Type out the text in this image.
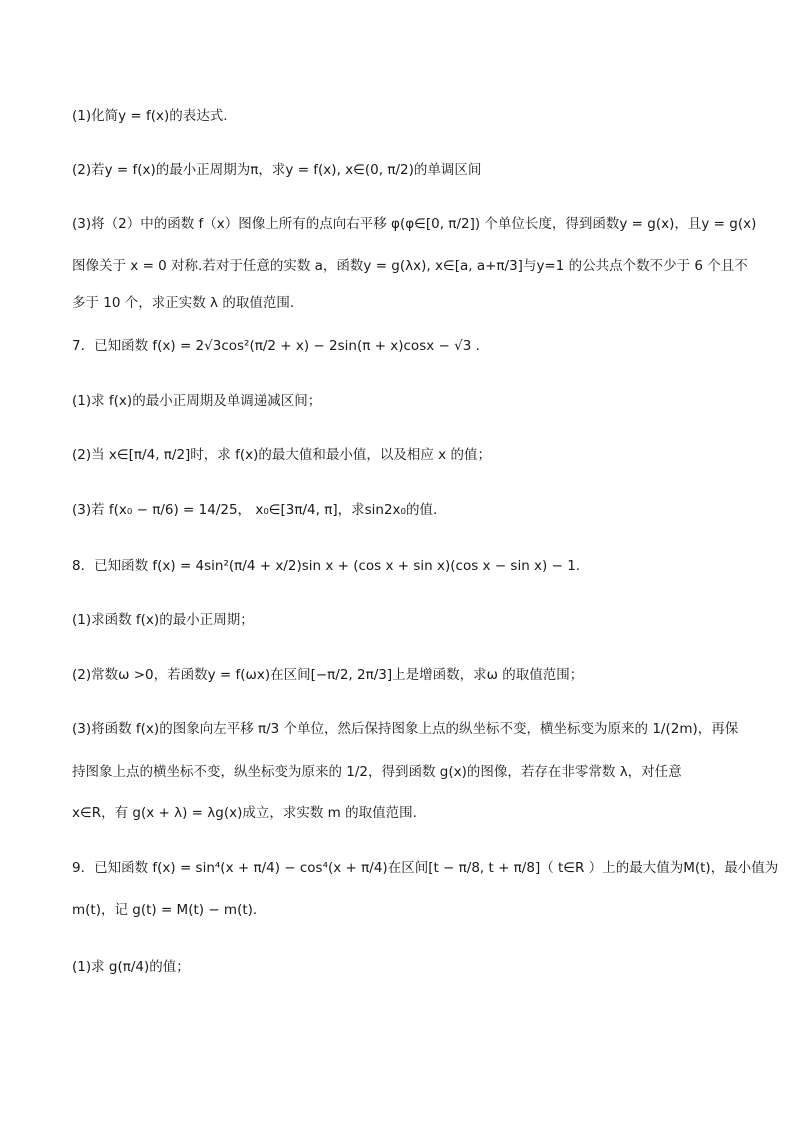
(1)化简y = f(x)的表达式.
(2)若y = f(x)的最小正周期为π，求y = f(x), x∈(0, π/2)的单调区间
(3)将（2）中的函数 f（x）图像上所有的点向右平移 φ(φ∈[0, π/2]) 个单位长度，得到函数y = g(x)，且y = g(x)
图像关于 x = 0 对称.若对于任意的实数 a，函数y = g(λx), x∈[a, a+π/3]与y=1 的公共点个数不少于 6 个且不
多于 10 个，求正实数 λ 的取值范围.
7．已知函数 f(x) = 2√3cos²(π/2 + x) − 2sin(π + x)cosx − √3 .
(1)求 f(x)的最小正周期及单调递减区间；
(2)当 x∈[π/4, π/2]时，求 f(x)的最大值和最小值，以及相应 x 的值；
(3)若 f(x₀ − π/6) = 14/25， x₀∈[3π/4, π]，求sin2x₀的值.
8．已知函数 f(x) = 4sin²(π/4 + x/2)sin x + (cos x + sin x)(cos x − sin x) − 1.
(1)求函数 f(x)的最小正周期；
(2)常数ω >0，若函数y = f(ωx)在区间[−π/2, 2π/3]上是增函数，求ω 的取值范围；
(3)将函数 f(x)的图象向左平移 π/3 个单位，然后保持图象上点的纵坐标不变，横坐标变为原来的 1/(2m)，再保
持图象上点的横坐标不变，纵坐标变为原来的 1/2，得到函数 g(x)的图像，若存在非零常数 λ，对任意
x∈R，有 g(x + λ) = λg(x)成立，求实数 m 的取值范围.
9．已知函数 f(x) = sin⁴(x + π/4) − cos⁴(x + π/4)在区间[t − π/8, t + π/8]（ t∈R ）上的最大值为M(t)，最小值为
m(t)，记 g(t) = M(t) − m(t).
(1)求 g(π/4)的值；
